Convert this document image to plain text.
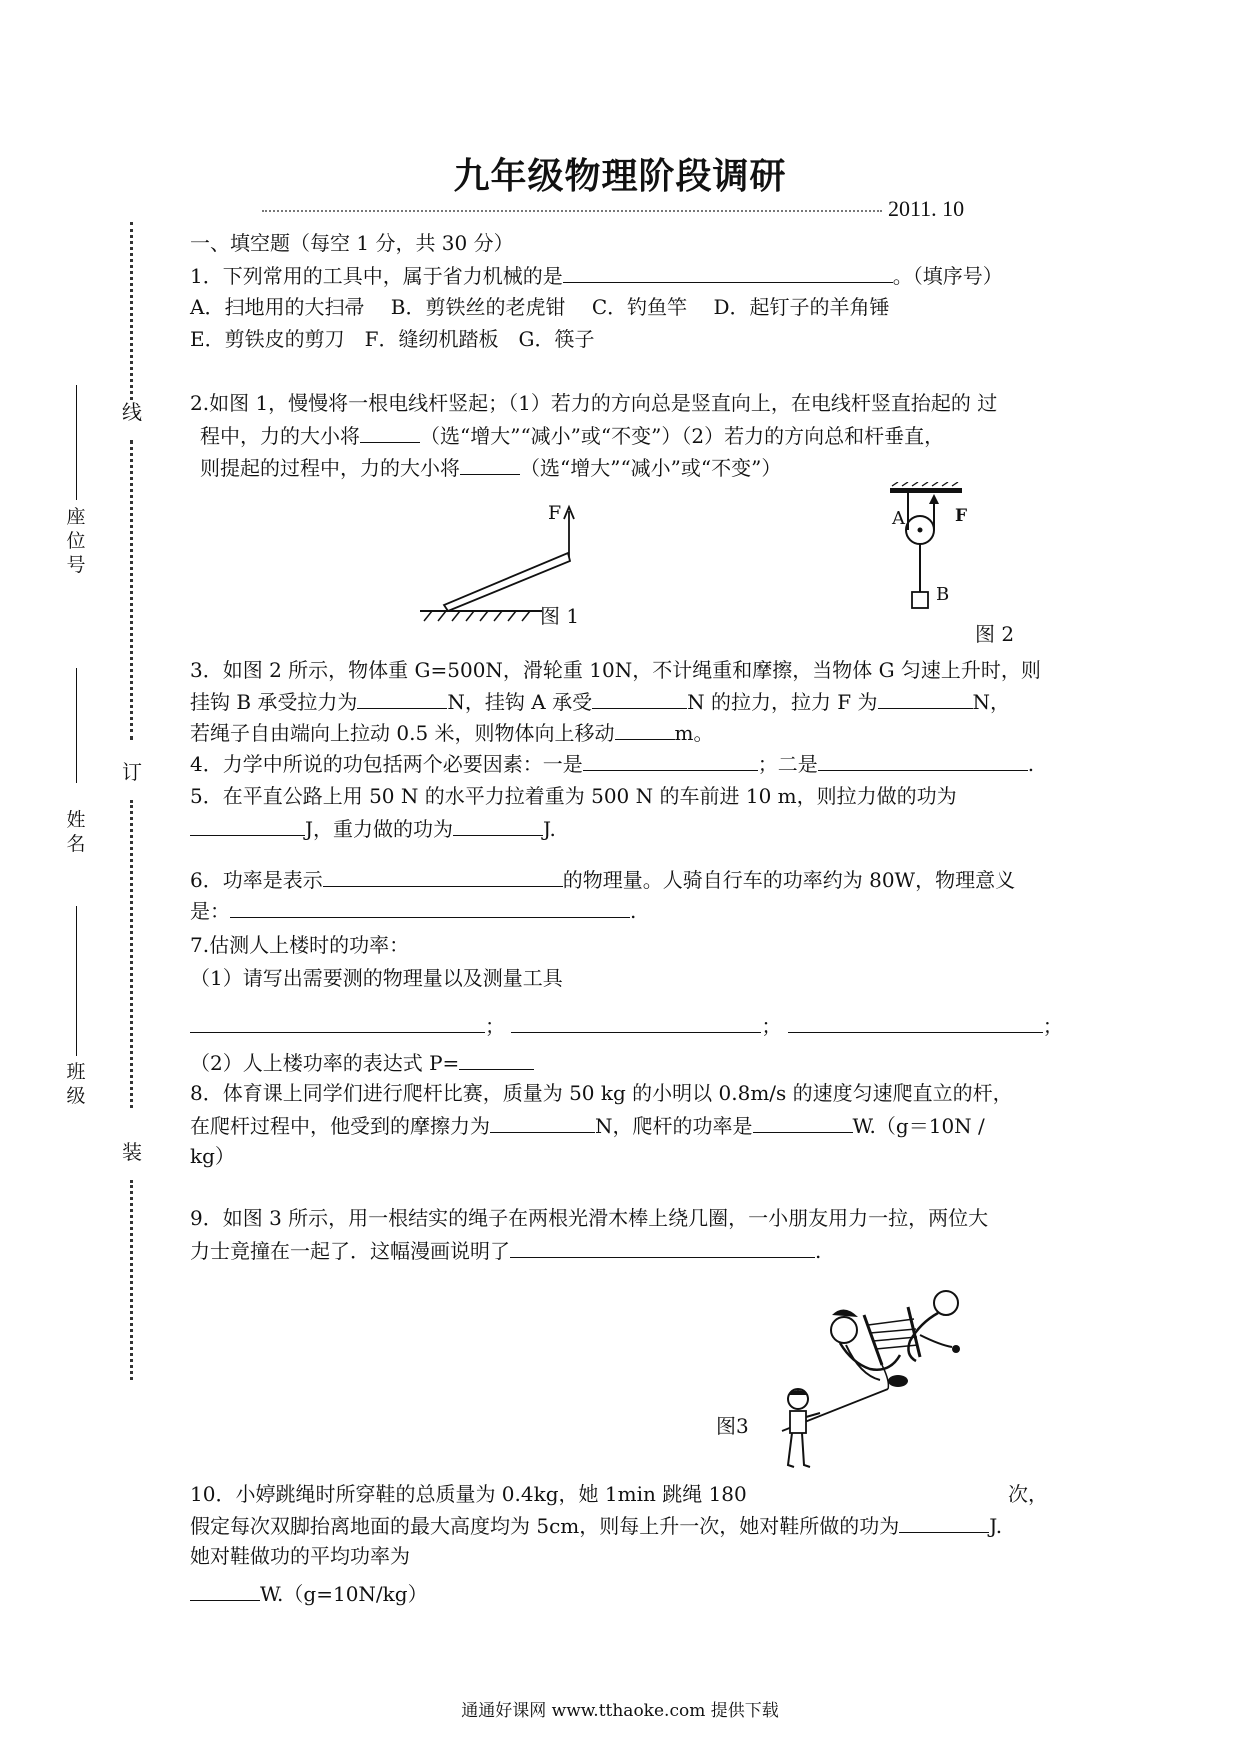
九年级物理阶段调研
2011. 10
线
订
装
座位号
姓名
班级
一、填空题（每空 1 分，共 30 分）
1．下列常用的工具中，属于省力机械的是	。（填序号）
A．扫地用的大扫帚　 B．剪铁丝的老虎钳　 C．钓鱼竿　 D．起钉子的羊角锤
E．剪铁皮的剪刀　F．缝纫机踏板　G．筷子
2.如图 1，慢慢将一根电线杆竖起；（1）若力的方向总是竖直向上，在电线杆竖直抬起的 过
程中，力的大小将	（选“增大”“减小”或“不变”）（2）若力的方向总和杆垂直，
则提起的过程中，力的大小将	（选“增大”“减小”或“不变”）
F
图 1
A	F
B
图 2
3．如图 2 所示，物体重 G=500N，滑轮重 10N，不计绳重和摩擦，当物体 G 匀速上升时，则
挂钩 B 承受拉力为	N，挂钩 A 承受	N 的拉力，拉力 F 为	N，
若绳子自由端向上拉动 0.5 米，则物体向上移动	m。
4．力学中所说的功包括两个必要因素：一是	；二是	.
5．在平直公路上用 50 N 的水平力拉着重为 500 N 的车前进 10 m，则拉力做的功为
J，重力做的功为	J.
6．功率是表示	的物理量。人骑自行车的功率约为 80W，物理意义
是：	.
7.估测人上楼时的功率：
（1）请写出需要测的物理量以及测量工具
；	；	；
（2）人上楼功率的表达式 P=
8．体育课上同学们进行爬杆比赛，质量为 50 kg 的小明以 0.8m/s 的速度匀速爬直立的杆，
在爬杆过程中，他受到的摩擦力为	N，爬杆的功率是	W.（g＝10N /
kg）
9．如图 3 所示，用一根结实的绳子在两根光滑木棒上绕几圈，一小朋友用力一拉，两位大
力士竟撞在一起了．这幅漫画说明了	.
图3
10．小婷跳绳时所穿鞋的总质量为 0.4kg，她 1min 跳绳 180	次，
假定每次双脚抬离地面的最大高度均为 5cm，则每上升一次，她对鞋所做的功为	J.
她对鞋做功的平均功率为
W.（g=10N/kg）
通通好课网 www.tthaoke.com 提供下载
